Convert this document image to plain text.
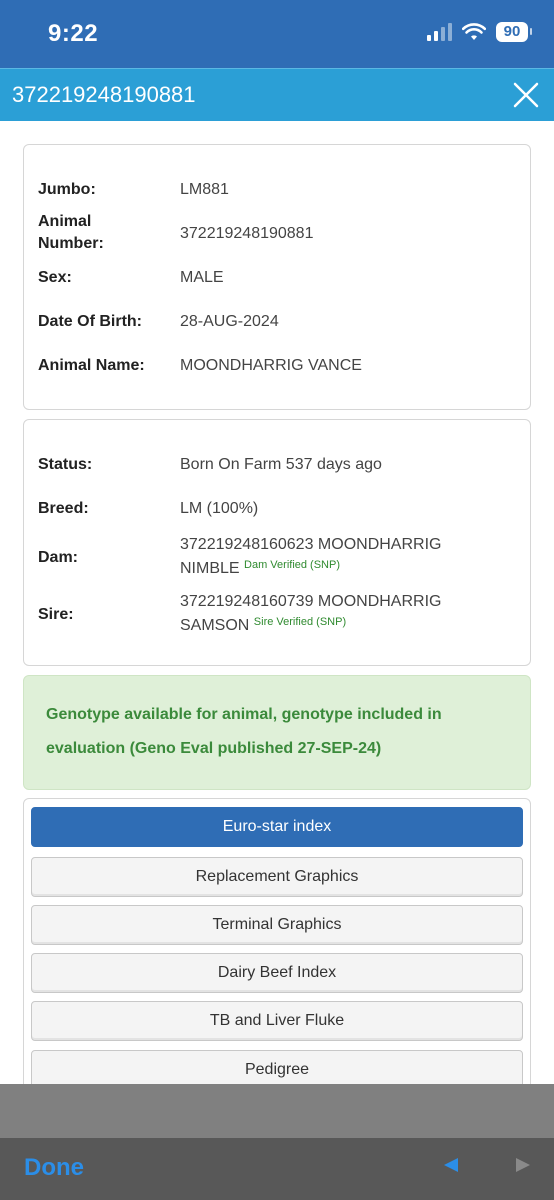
9:22	90
372219248190881
Jumbo:	LM881
Animal
Number:
372219248190881
Sex:	MALE
Date Of Birth:	28-AUG-2024
Animal Name:	MOONDHARRIG VANCE
Status:	Born On Farm 537 days ago
Breed:	LM (100%)
Dam:
372219248160623 MOONDHARRIG
NIMBLE $^{Dam Verified (SNP)}$
Sire:
372219248160739 MOONDHARRIG
SAMSON $^{Sire Verified (SNP)}$
Genotype available for animal, genotype included in
evaluation (Geno Eval published 27-SEP-24)
Euro-star index
Replacement Graphics
Terminal Graphics
Dairy Beef Index
TB and Liver Fluke
Pedigree
Done
